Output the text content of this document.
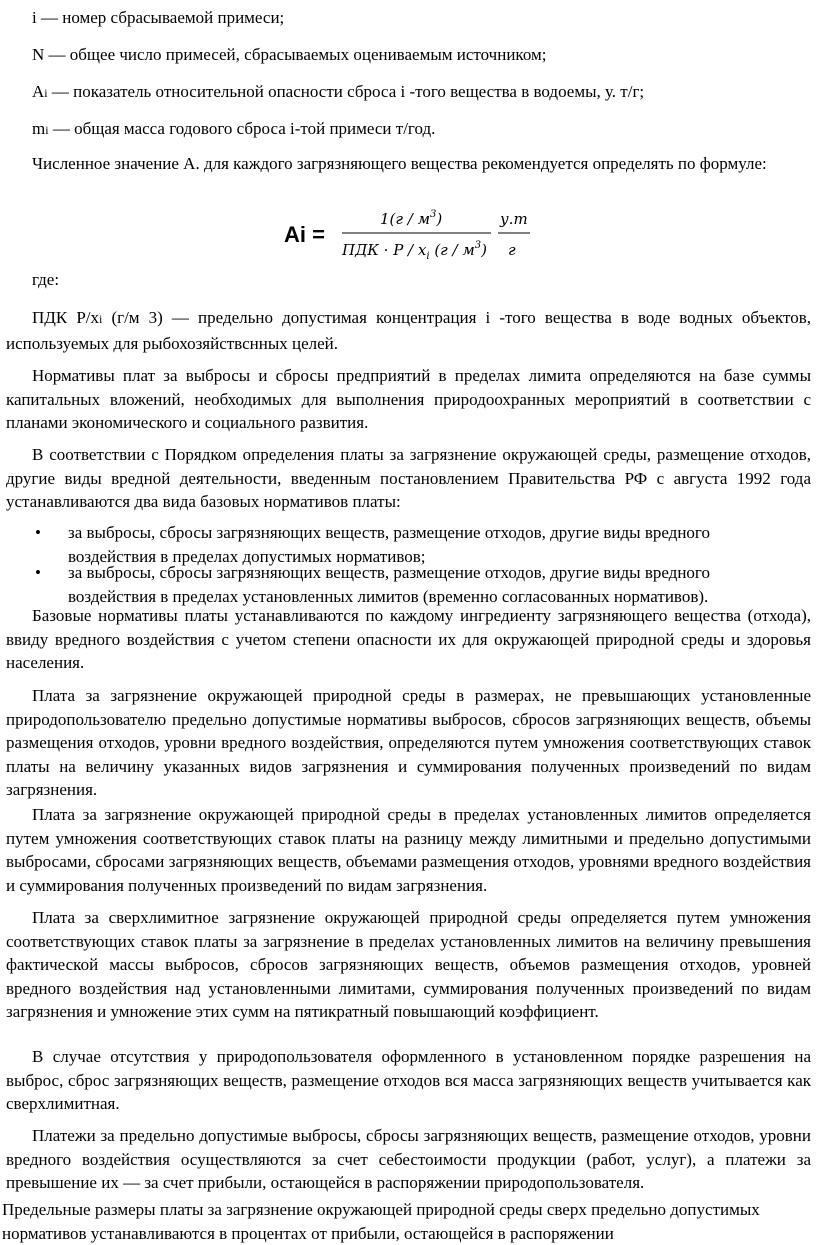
i — номер сбрасываемой примеси;

N — общее число примесей, сбрасываемых оцениваемым источником;

Ai — показатель относительной опасности сброса i -того вещества в водоемы, у. т/г;

mi — общая масса годового сброса i-той примеси т/год.

Численное значение А. для каждого загрязняющего вещества рекомендуется определять по формуле:

Ai =
$1(г / м^3)$
ПДК · Р / $x_i$ $(г / м^3)$
у.т
г

где:

ПДК Р/хi (г/м 3) — предельно допустимая концентрация i -того вещества в воде водных объектов, используемых для рыбохозяйствснных целей.

Нормативы плат за выбросы и сбросы предприятий в пределах лимита определяются на базе суммы капитальных вложений, необходимых для выполнения природоохранных мероприятий в соответствии с планами экономического и социального развития.

В соответствии с Порядком определения платы за загрязнение окружающей среды, размещение отходов, другие виды вредной деятельности, введенным постановлением Правительства РФ с августа 1992 года устанавливаются два вида базовых нормативов платы:

• за выбросы, сбросы загрязняющих веществ, размещение отходов, другие виды вредного
воздействия в пределах допустимых нормативов;
• за выбросы, сбросы загрязняющих веществ, размещение отходов, другие виды вредного
воздействия в пределах установленных лимитов (временно согласованных нормативов).

Базовые нормативы платы устанавливаются по каждому ингредиенту загрязняющего вещества (отхода), ввиду вредного воздействия с учетом степени опасности их для окружающей природной среды и здоровья населения.

Плата за загрязнение окружающей природной среды в размерах, не превышающих установленные природопользователю предельно допустимые нормативы выбросов, сбросов загрязняющих веществ, объемы размещения отходов, уровни вредного воздействия, определяются путем умножения соответствующих ставок платы на величину указанных видов загрязнения и суммирования полученных произведений по видам загрязнения.

Плата за загрязнение окружающей природной среды в пределах установленных лимитов определяется путем умножения соответствующих ставок платы на разницу между лимитными и предельно допустимыми выбросами, сбросами загрязняющих веществ, объемами размещения отходов, уровнями вредного воздействия и суммирования полученных произведений по видам загрязнения.

Плата за сверхлимитное загрязнение окружающей природной среды определяется путем умножения соответствующих ставок платы за загрязнение в пределах установленных лимитов на величину превышения фактической массы выбросов, сбросов загрязняющих веществ, объемов размещения отходов, уровней вредного воздействия над установленными лимитами, суммирования полученных произведений по видам загрязнения и умножение этих сумм на пятикратный повышающий коэффициент.

В случае отсутствия у природопользователя оформленного в установленном порядке разрешения на выброс, сброс загрязняющих веществ, размещение отходов вся масса загрязняющих веществ учитывается как сверхлимитная.

Платежи за предельно допустимые выбросы, сбросы загрязняющих веществ, размещение отходов, уровни вредного воздействия осуществляются за счет себестоимости продукции (работ, услуг), а платежи за превышение их — за счет прибыли, остающейся в распоряжении природопользователя.

Предельные размеры платы за загрязнение окружающей природной среды сверх предельно допустимых нормативов устанавливаются в процентах от прибыли, остающейся в распоряжении
